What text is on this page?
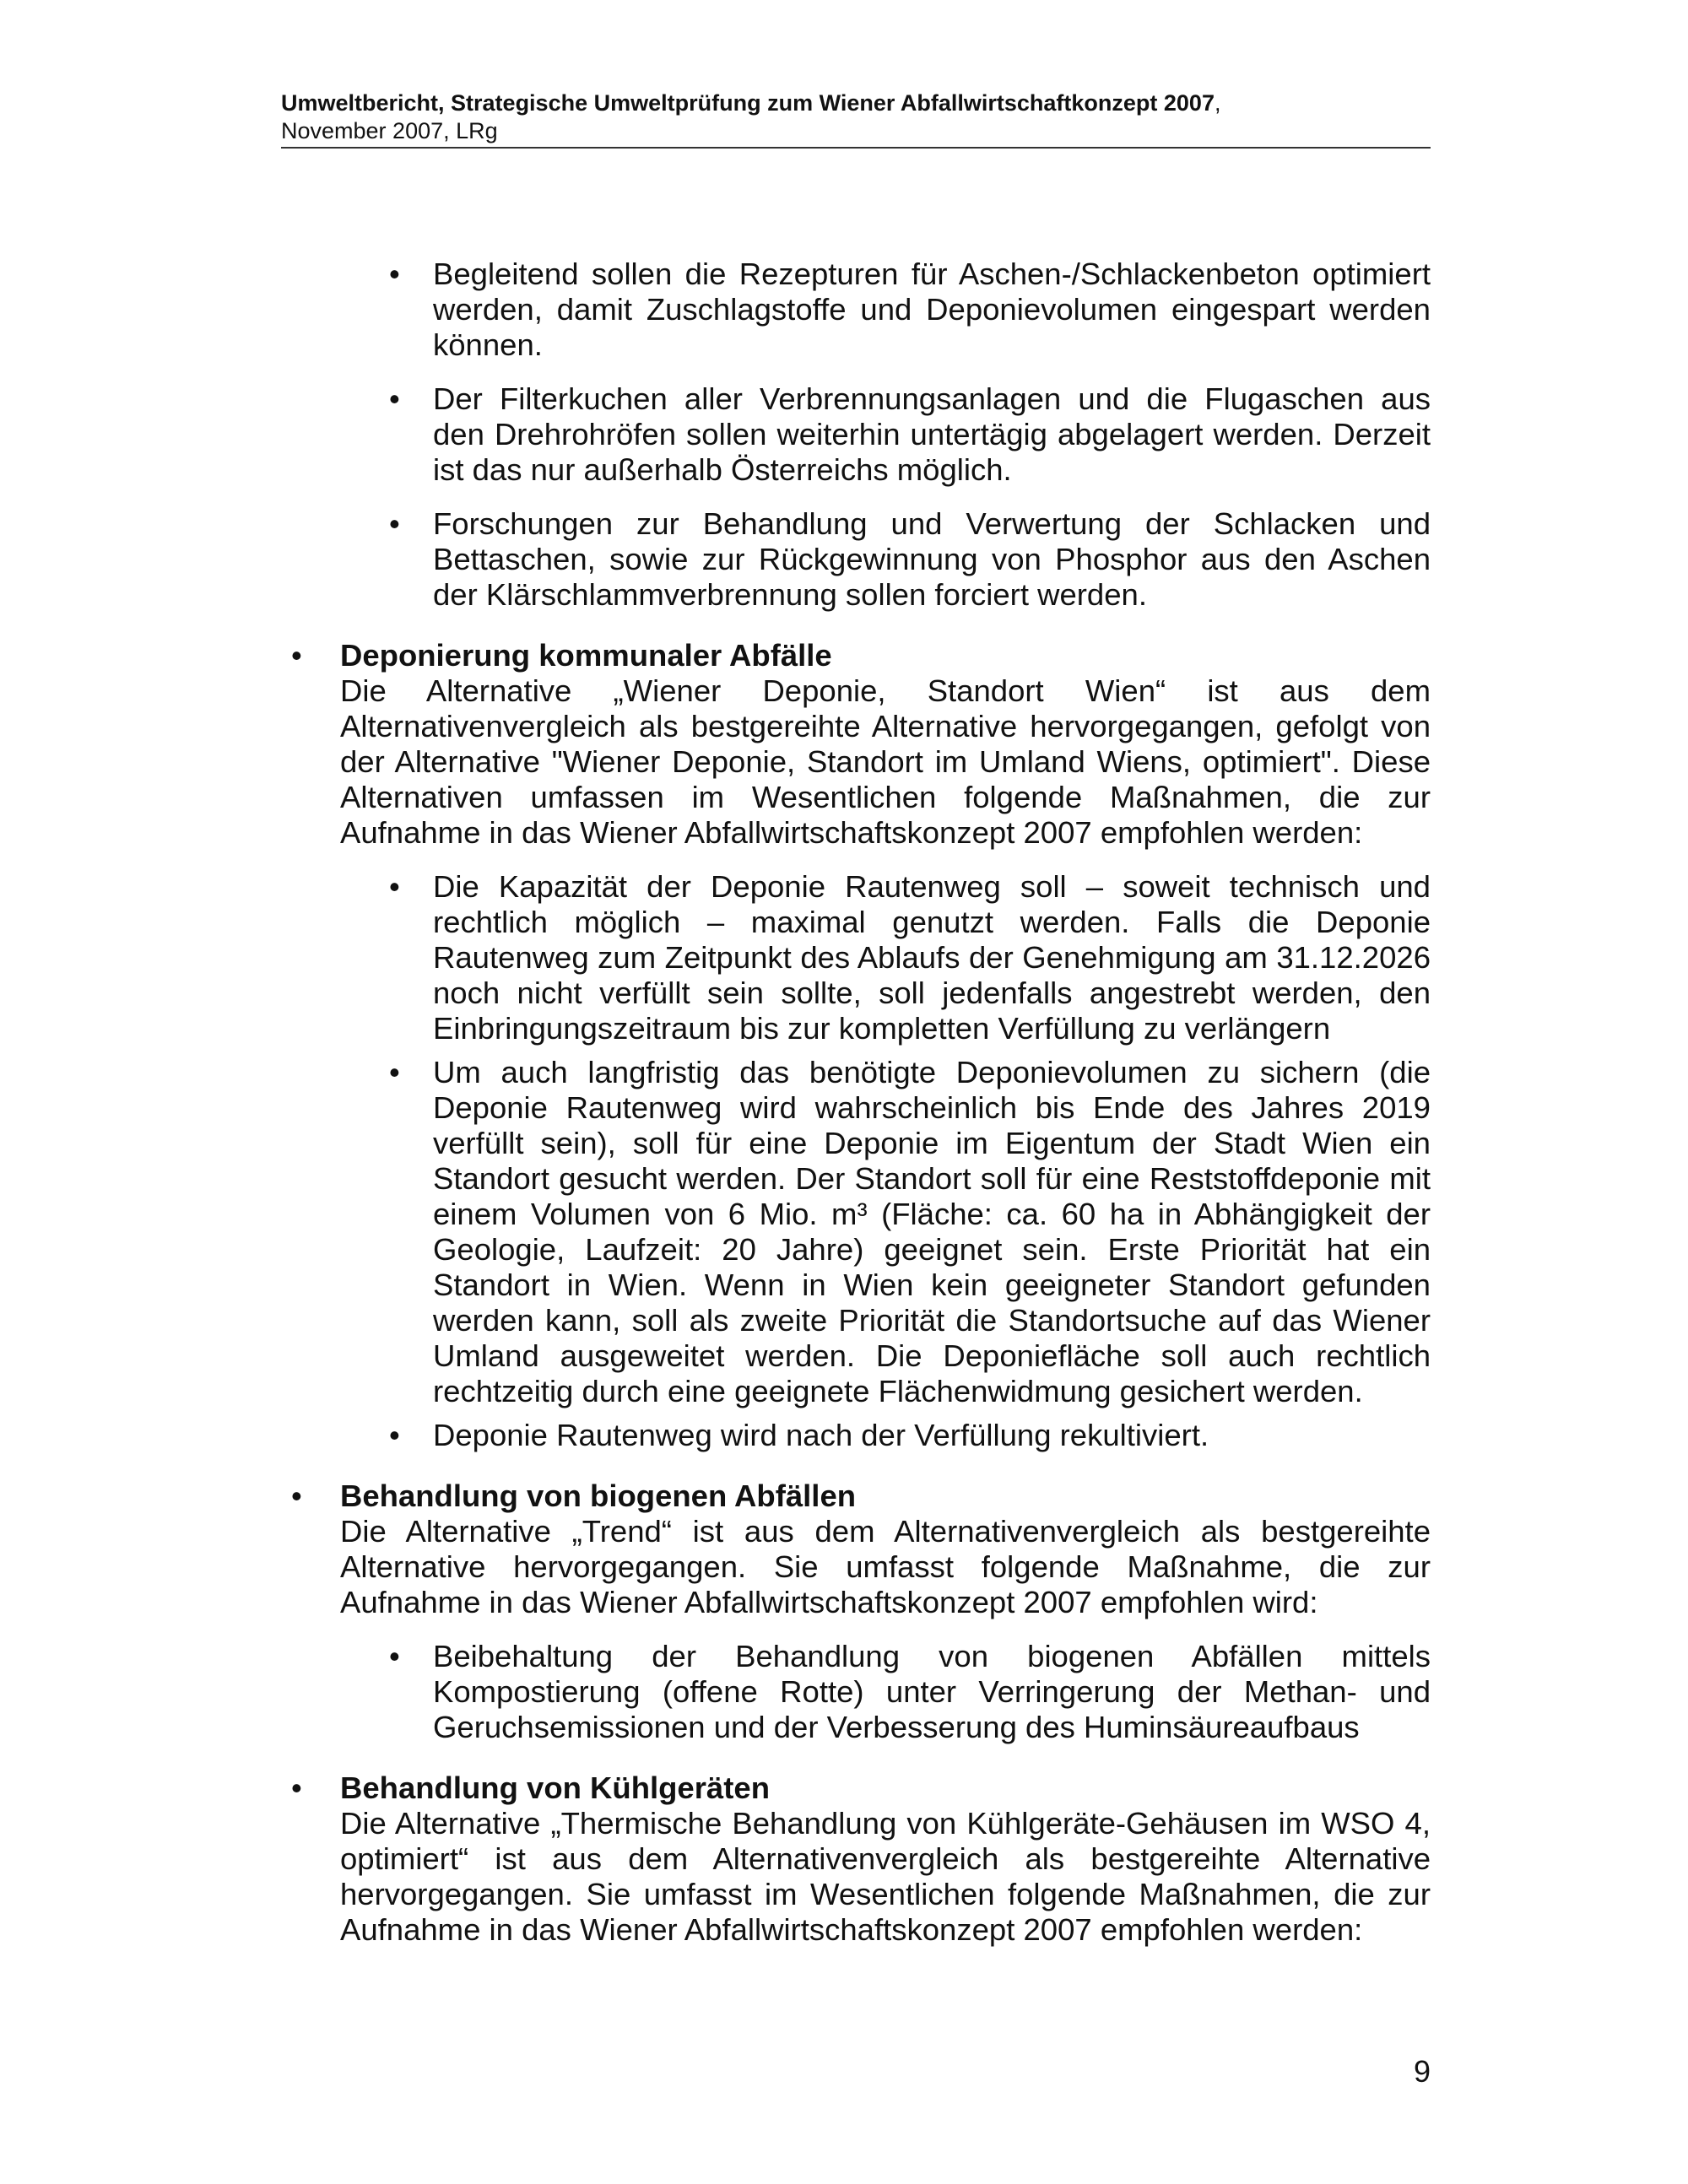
Umweltbericht, Strategische Umweltprüfung zum Wiener Abfallwirtschaftkonzept 2007,
November 2007, LRg
• Begleitend sollen die Rezepturen für Aschen-/Schlackenbeton optimiert werden, damit Zuschlagstoffe und Deponievolumen eingespart werden können.
• Der Filterkuchen aller Verbrennungsanlagen und die Flugaschen aus den Drehrohröfen sollen weiterhin untertägig abgelagert werden. Derzeit ist das nur außerhalb Österreichs möglich.
• Forschungen zur Behandlung und Verwertung der Schlacken und Bettaschen, sowie zur Rückgewinnung von Phosphor aus den Aschen der Klärschlammverbrennung sollen forciert werden.
• Deponierung kommunaler Abfälle
Die Alternative „Wiener Deponie, Standort Wien“ ist aus dem Alternativenvergleich als bestgereihte Alternative hervorgegangen, gefolgt von der Alternative "Wiener Deponie, Standort im Umland Wiens, optimiert". Diese Alternativen umfassen im Wesentlichen folgende Maßnahmen, die zur Aufnahme in das Wiener Abfallwirtschaftskonzept 2007 empfohlen werden:
• Die Kapazität der Deponie Rautenweg soll – soweit technisch und rechtlich möglich – maximal genutzt werden. Falls die Deponie Rautenweg zum Zeitpunkt des Ablaufs der Genehmigung am 31.12.2026 noch nicht verfüllt sein sollte, soll jedenfalls angestrebt werden, den Einbringungszeitraum bis zur kompletten Verfüllung zu verlängern
• Um auch langfristig das benötigte Deponievolumen zu sichern (die Deponie Rautenweg wird wahrscheinlich bis Ende des Jahres 2019 verfüllt sein), soll für eine Deponie im Eigentum der Stadt Wien ein Standort gesucht werden. Der Standort soll für eine Reststoffdeponie mit einem Volumen von 6 Mio. m³ (Fläche: ca. 60 ha in Abhängigkeit der Geologie, Laufzeit: 20 Jahre) geeignet sein. Erste Priorität hat ein Standort in Wien. Wenn in Wien kein geeigneter Standort gefunden werden kann, soll als zweite Priorität die Standortsuche auf das Wiener Umland ausgeweitet werden. Die Deponiefläche soll auch rechtlich rechtzeitig durch eine geeignete Flächenwidmung gesichert werden.
• Deponie Rautenweg wird nach der Verfüllung rekultiviert.
• Behandlung von biogenen Abfällen
Die Alternative „Trend“ ist aus dem Alternativenvergleich als bestgereihte Alternative hervorgegangen. Sie umfasst folgende Maßnahme, die zur Aufnahme in das Wiener Abfallwirtschaftskonzept 2007 empfohlen wird:
• Beibehaltung der Behandlung von biogenen Abfällen mittels Kompostierung (offene Rotte) unter Verringerung der Methan- und Geruchsemissionen und der Verbesserung des Huminsäureaufbaus
• Behandlung von Kühlgeräten
Die Alternative „Thermische Behandlung von Kühlgeräte-Gehäusen im WSO 4, optimiert“ ist aus dem Alternativenvergleich als bestgereihte Alternative hervorgegangen. Sie umfasst im Wesentlichen folgende Maßnahmen, die zur Aufnahme in das Wiener Abfallwirtschaftskonzept 2007 empfohlen werden:
9
